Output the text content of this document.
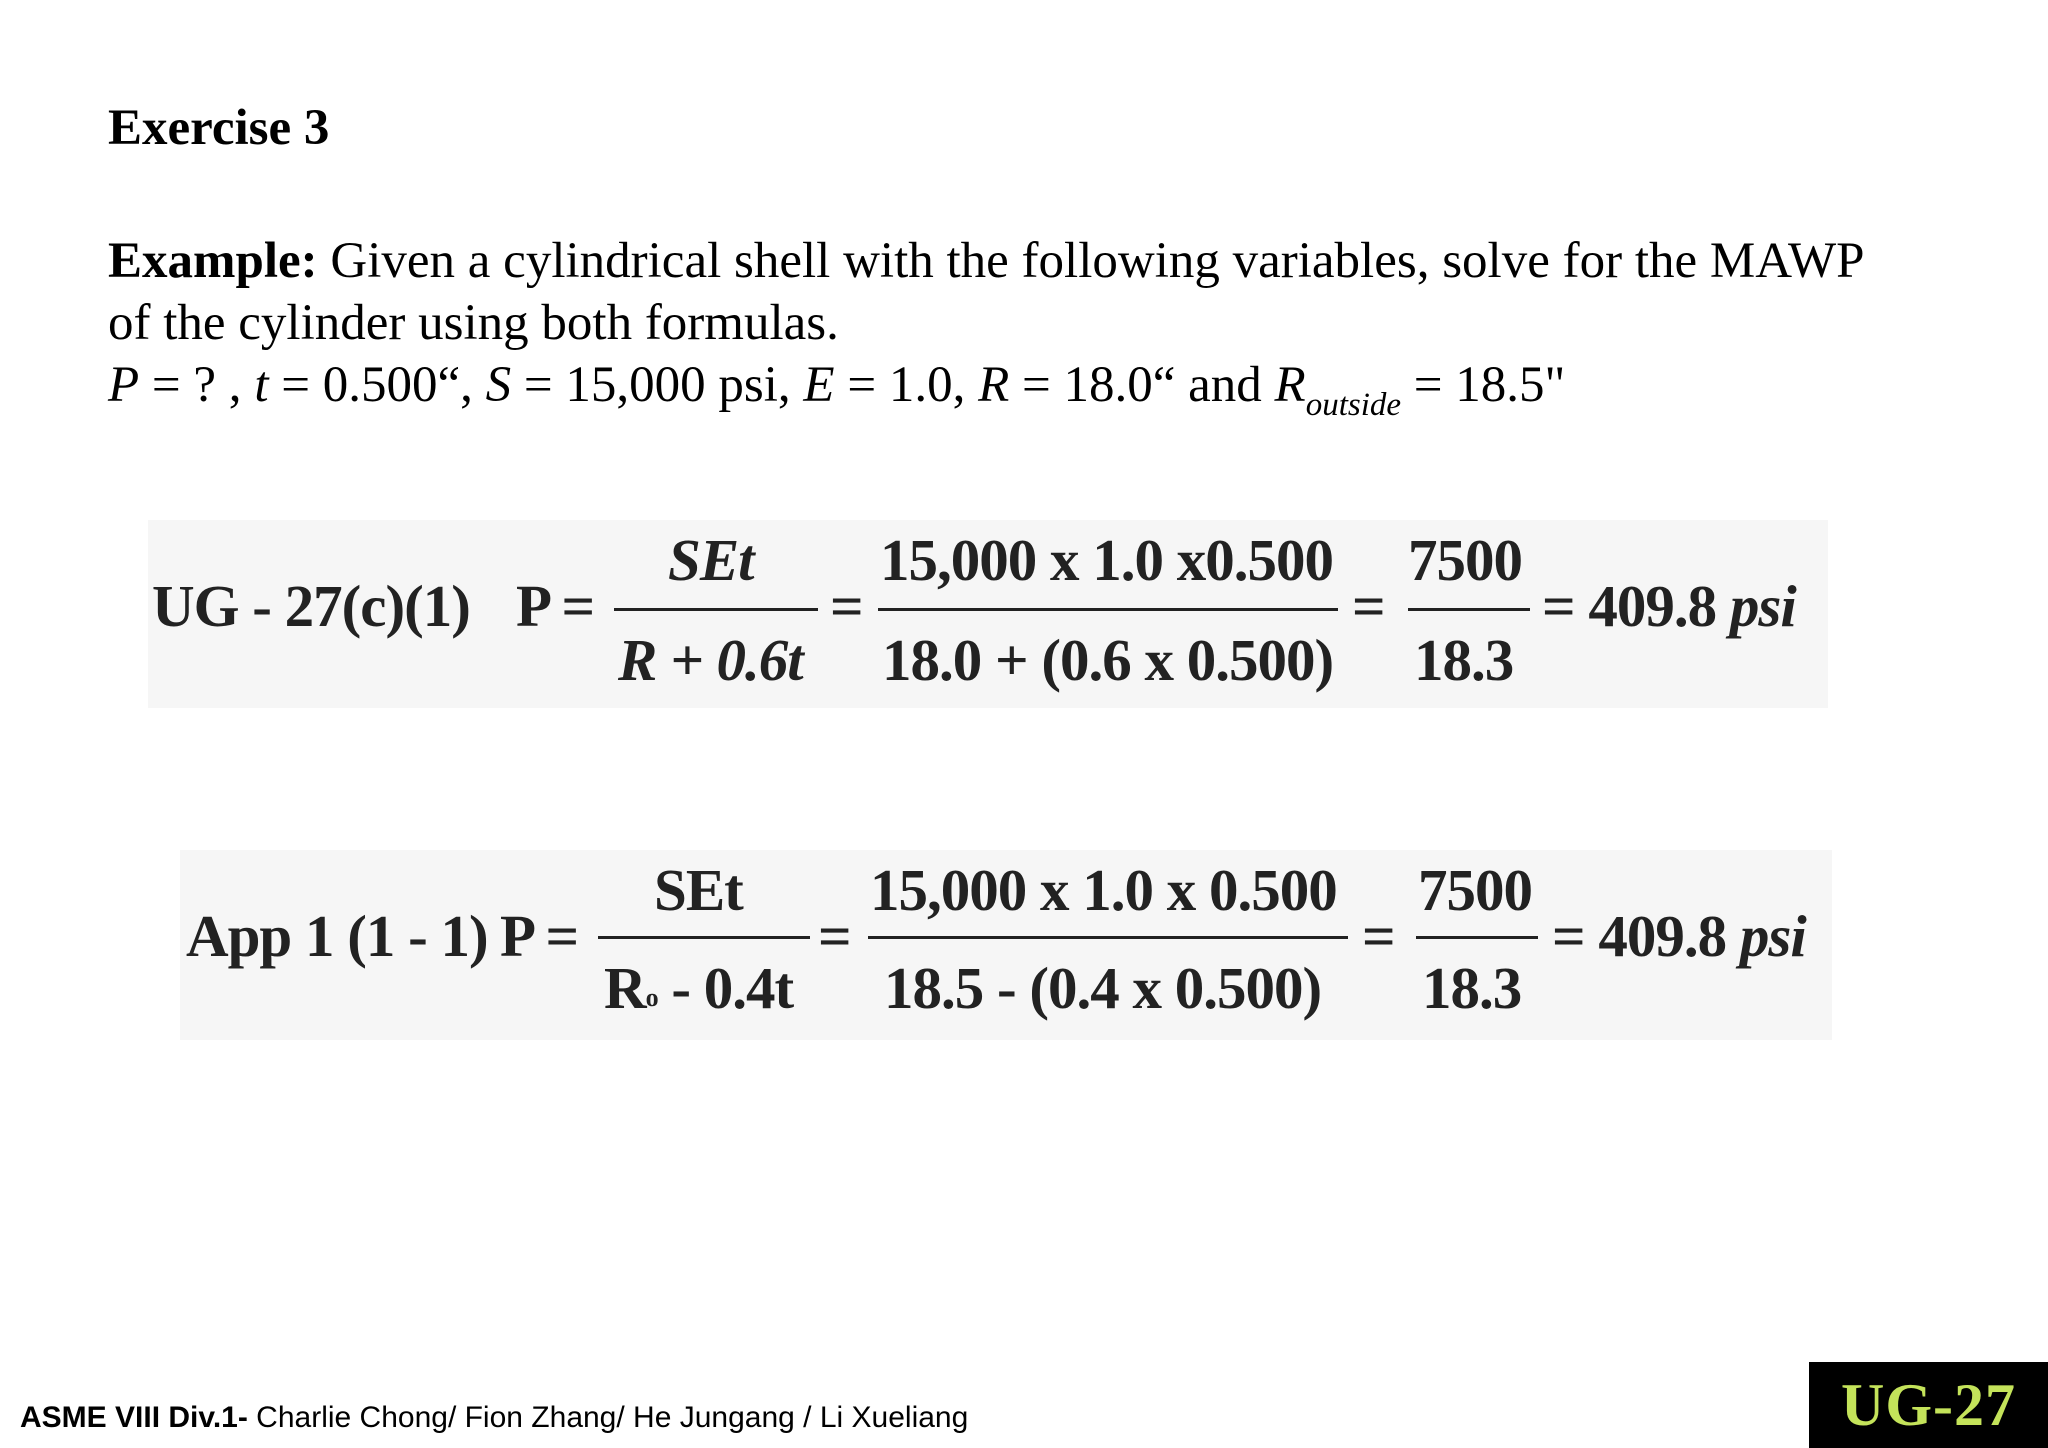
Exercise 3
Example: Given a cylindrical shell with the following variables, solve for the MAWP
of the cylinder using both formulas.
P = ? , t = 0.500“, S = 15,000 psi, E = 1.0, R = 18.0“ and $R_{outside} = 18.5$"
UG - 27(c)(1) P =
SEt
R + 0.6t
=
15,000 x 1.0 x0.500
18.0 + (0.6 x 0.500)
=
7500
18.3
= 409.8 psi
App 1 (1 - 1) P =
SEt
Ro - 0.4t
=
15,000 x 1.0 x 0.500
18.5 - (0.4 x 0.500)
=
7500
18.3
= 409.8 psi
ASME VIII Div.1- Charlie Chong/ Fion Zhang/ He Jungang / Li Xueliang	UG-27
